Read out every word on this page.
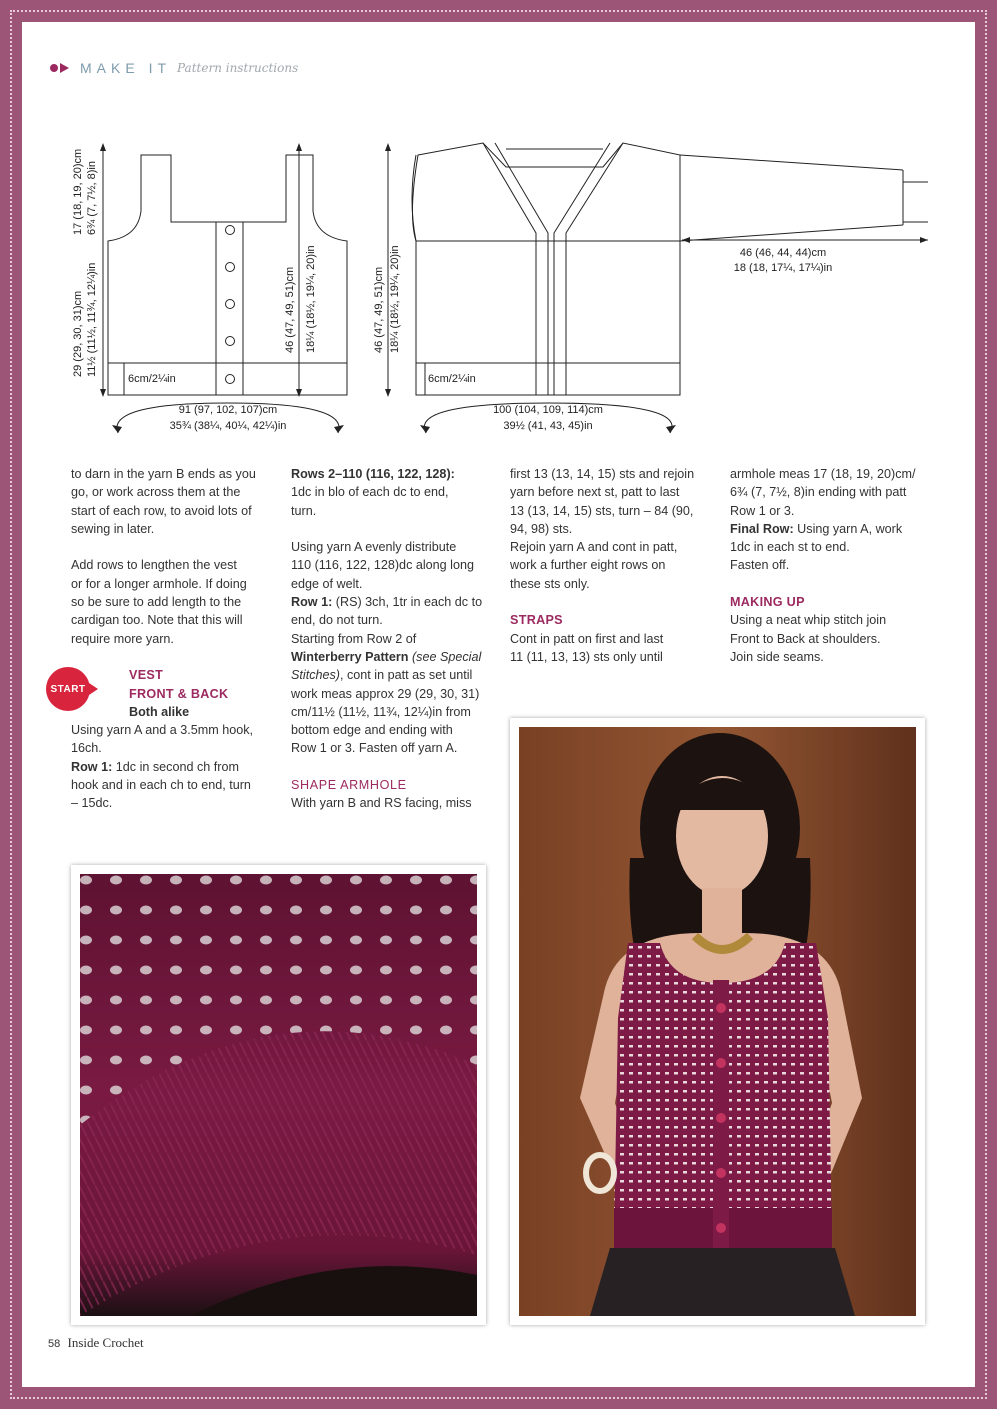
MAKE IT Pattern instructions
17 (18, 19, 20)cm 6¾ (7, 7½, 8)in
29 (29, 30, 31)cm 11½ (11½, 11¾, 12¼)in	46 (47, 49, 51)cm 18¼ (18½, 19¼, 20)in
6cm/2¼in
91 (97, 102, 107)cm
35¾ (38¼, 40¼, 42¼)in
46 (47, 49, 51)cm 18¼ (18½, 19¼, 20)in
6cm/2¼in
100 (104, 109, 114)cm
39½ (41, 43, 45)in
46 (46, 44, 44)cm
18 (18, 17¼, 17¼)in

to darn in the yarn B ends as you
go, or work across them at the
start of each row, to avoid lots of
sewing in later.

Add rows to lengthen the vest
or for a longer armhole. If doing
so be sure to add length to the
cardigan too. Note that this will
require more yarn.

VEST
FRONT & BACK
Both alike

Using yarn A and a 3.5mm hook,
16ch.
Row 1: 1dc in second ch from
hook and in each ch to end, turn
– 15dc.

START

Rows 2–110 (116, 122, 128):
1dc in blo of each dc to end,
turn.

Using yarn A evenly distribute
110 (116, 122, 128)dc along long
edge of welt.
Row 1: (RS) 3ch, 1tr in each dc to
end, do not turn.
Starting from Row 2 of
Winterberry Pattern (see Special
Stitches), cont in patt as set until
work meas approx 29 (29, 30, 31)
cm/11½ (11½, 11¾, 12¼)in from
bottom edge and ending with
Row 1 or 3. Fasten off yarn A.

SHAPE ARMHOLE
With yarn B and RS facing, miss

first 13 (13, 14, 15) sts and rejoin
yarn before next st, patt to last
13 (13, 14, 15) sts, turn – 84 (90,
94, 98) sts.
Rejoin yarn A and cont in patt,
work a further eight rows on
these sts only.

STRAPS
Cont in patt on first and last
11 (11, 13, 13) sts only until

armhole meas 17 (18, 19, 20)cm/
6¾ (7, 7½, 8)in ending with patt
Row 1 or 3.
Final Row: Using yarn A, work
1dc in each st to end.
Fasten off.

MAKING UP
Using a neat whip stitch join
Front to Back at shoulders.
Join side seams.

58 Inside Crochet
